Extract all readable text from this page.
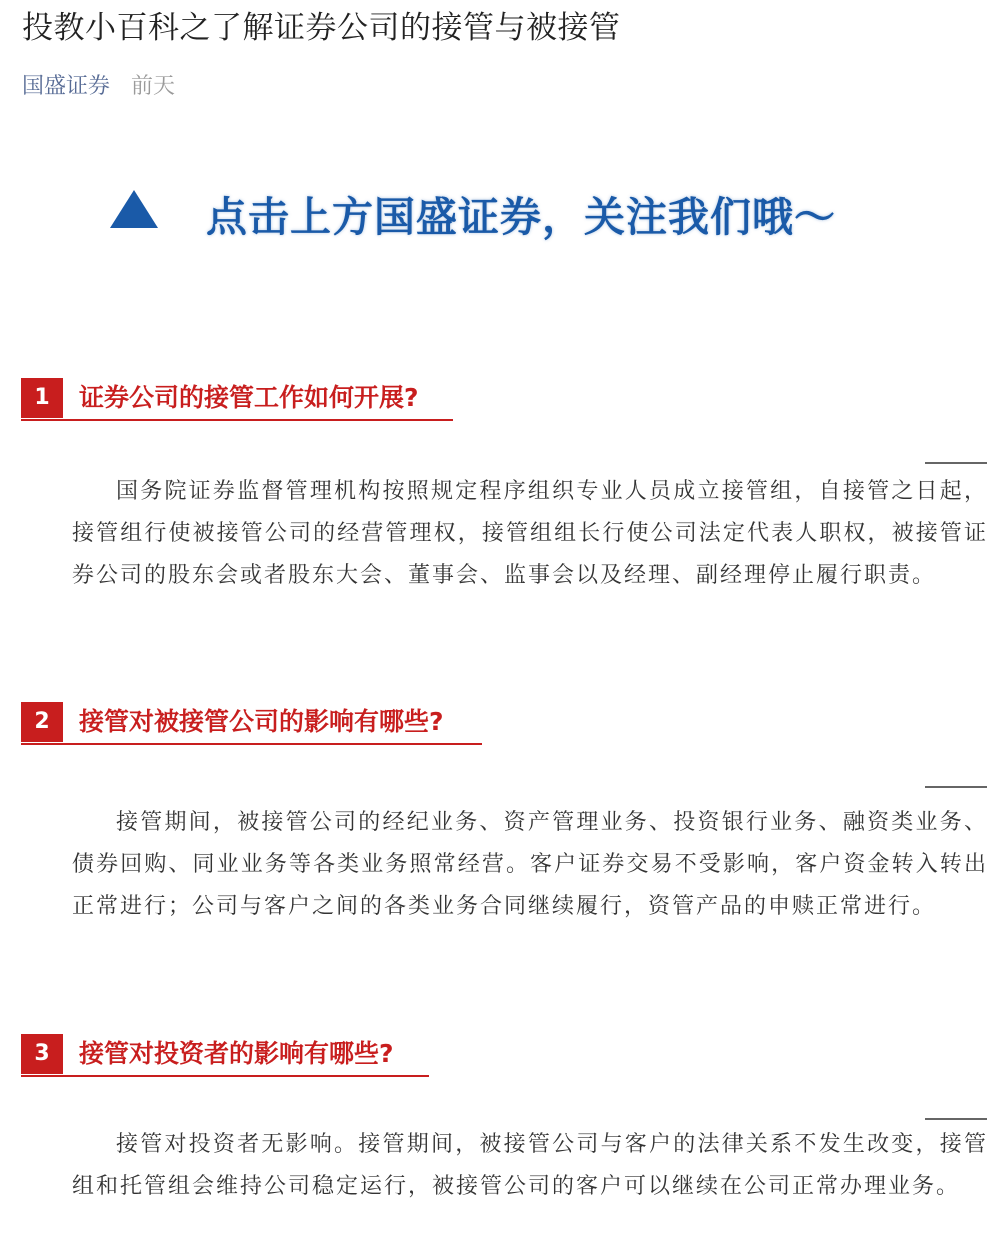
投教小百科之了解证券公司的接管与被接管
国盛证券 前天
点击上方国盛证券，关注我们哦～
1	证券公司的接管工作如何开展?

国务院证券监督管理机构按照规定程序组织专业人员成立接管组，自接管之日起，接管组行使被接管公司的经营管理权，接管组组长行使公司法定代表人职权，被接管证券公司的股东会或者股东大会、董事会、监事会以及经理、副经理停止履行职责。

2	接管对被接管公司的影响有哪些?

接管期间，被接管公司的经纪业务、资产管理业务、投资银行业务、融资类业务、债券回购、同业业务等各类业务照常经营。客户证券交易不受影响，客户资金转入转出正常进行；公司与客户之间的各类业务合同继续履行，资管产品的申赎正常进行。

3	接管对投资者的影响有哪些?

接管对投资者无影响。接管期间，被接管公司与客户的法律关系不发生改变，接管组和托管组会维持公司稳定运行，被接管公司的客户可以继续在公司正常办理业务。
